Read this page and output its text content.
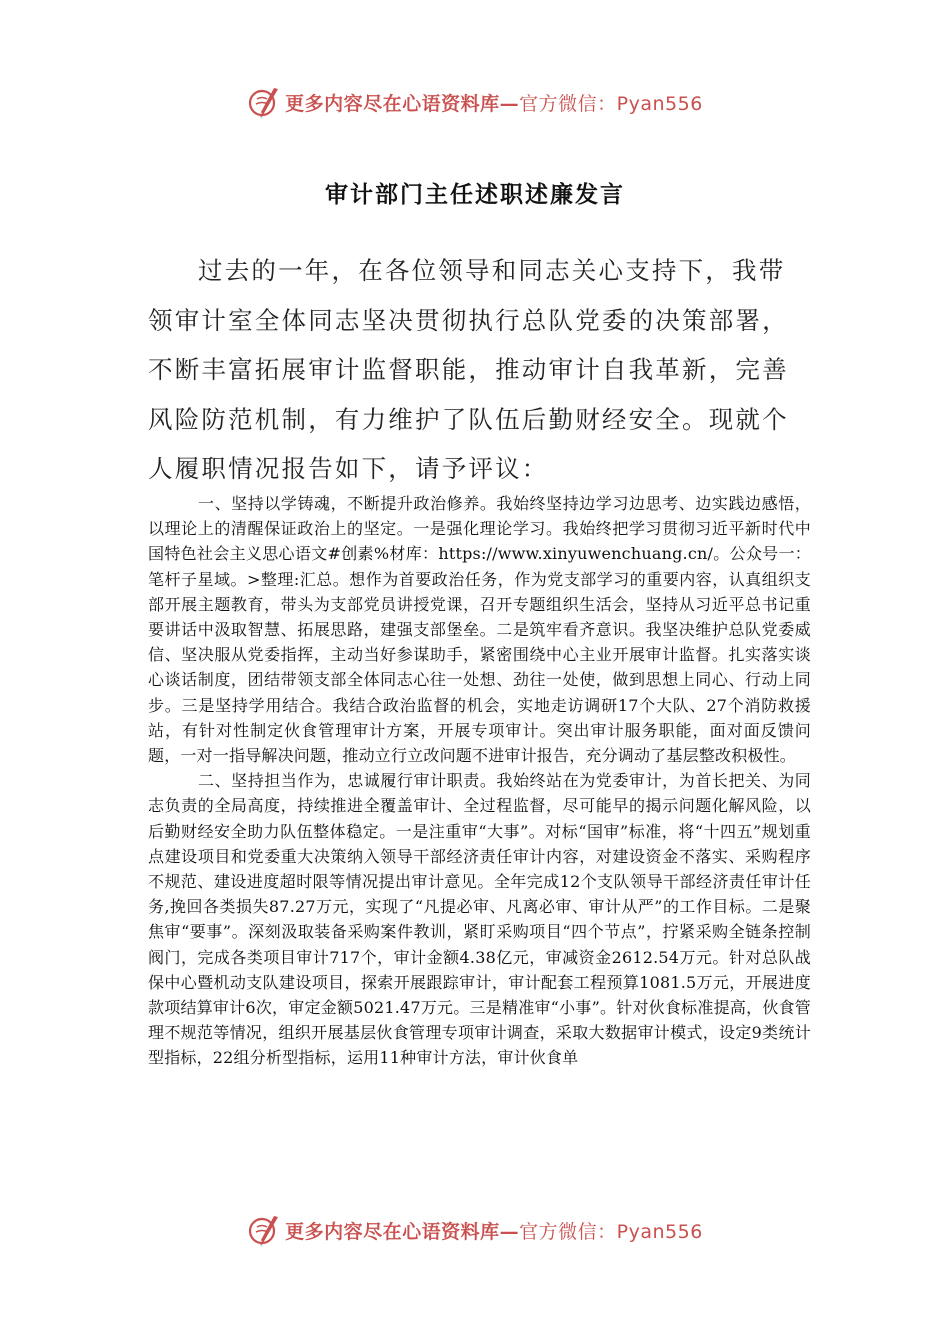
更多内容尽在心语资料库—官方微信：Pyan556
审计部门主任述职述廉发言

过去的一年，在各位领导和同志关心支持下，我带领审计室全体同志坚决贯彻执行总队党委的决策部署，不断丰富拓展审计监督职能，推动审计自我革新，完善风险防范机制，有力维护了队伍后勤财经安全。现就个人履职情况报告如下，请予评议：

一、坚持以学铸魂，不断提升政治修养。我始终坚持边学习边思考、边实践边感悟，以理论上的清醒保证政治上的坚定。一是强化理论学习。我始终把学习贯彻习近平新时代中国特色社会主义思心语文#创素%材库：https://www.xinyuwenchuang.cn/。公众号一：笔杆子星域。>整理:汇总。想作为首要政治任务，作为党支部学习的重要内容，认真组织支部开展主题教育，带头为支部党员讲授党课，召开专题组织生活会，坚持从习近平总书记重要讲话中汲取智慧、拓展思路，建强支部堡垒。二是筑牢看齐意识。我坚决维护总队党委威信、坚决服从党委指挥，主动当好参谋助手，紧密围绕中心主业开展审计监督。扎实落实谈心谈话制度，团结带领支部全体同志心往一处想、劲往一处使，做到思想上同心、行动上同步。三是坚持学用结合。我结合政治监督的机会，实地走访调研17个大队、27个消防救援站，有针对性制定伙食管理审计方案，开展专项审计。突出审计服务职能，面对面反馈问题，一对一指导解决问题，推动立行立改问题不进审计报告，充分调动了基层整改积极性。

二、坚持担当作为，忠诚履行审计职责。我始终站在为党委审计，为首长把关、为同志负责的全局高度，持续推进全覆盖审计、全过程监督，尽可能早的揭示问题化解风险，以后勤财经安全助力队伍整体稳定。一是注重审“大事”。对标“国审”标准，将“十四五”规划重点建设项目和党委重大决策纳入领导干部经济责任审计内容，对建设资金不落实、采购程序不规范、建设进度超时限等情况提出审计意见。全年完成12个支队领导干部经济责任审计任务,挽回各类损失87.27万元，实现了“凡提必审、凡离必审、审计从严”的工作目标。二是聚焦审“要事”。深刻汲取装备采购案件教训，紧盯采购项目“四个节点”，拧紧采购全链条控制阀门，完成各类项目审计717个，审计金额4.38亿元，审减资金2612.54万元。针对总队战保中心暨机动支队建设项目，探索开展跟踪审计，审计配套工程预算1081.5万元，开展进度款项结算审计6次，审定金额5021.47万元。三是精准审“小事”。针对伙食标准提高，伙食管理不规范等情况，组织开展基层伙食管理专项审计调查，采取大数据审计模式，设定9类统计型指标，22组分析型指标，运用11种审计方法，审计伙食单

更多内容尽在心语资料库—官方微信：Pyan556
